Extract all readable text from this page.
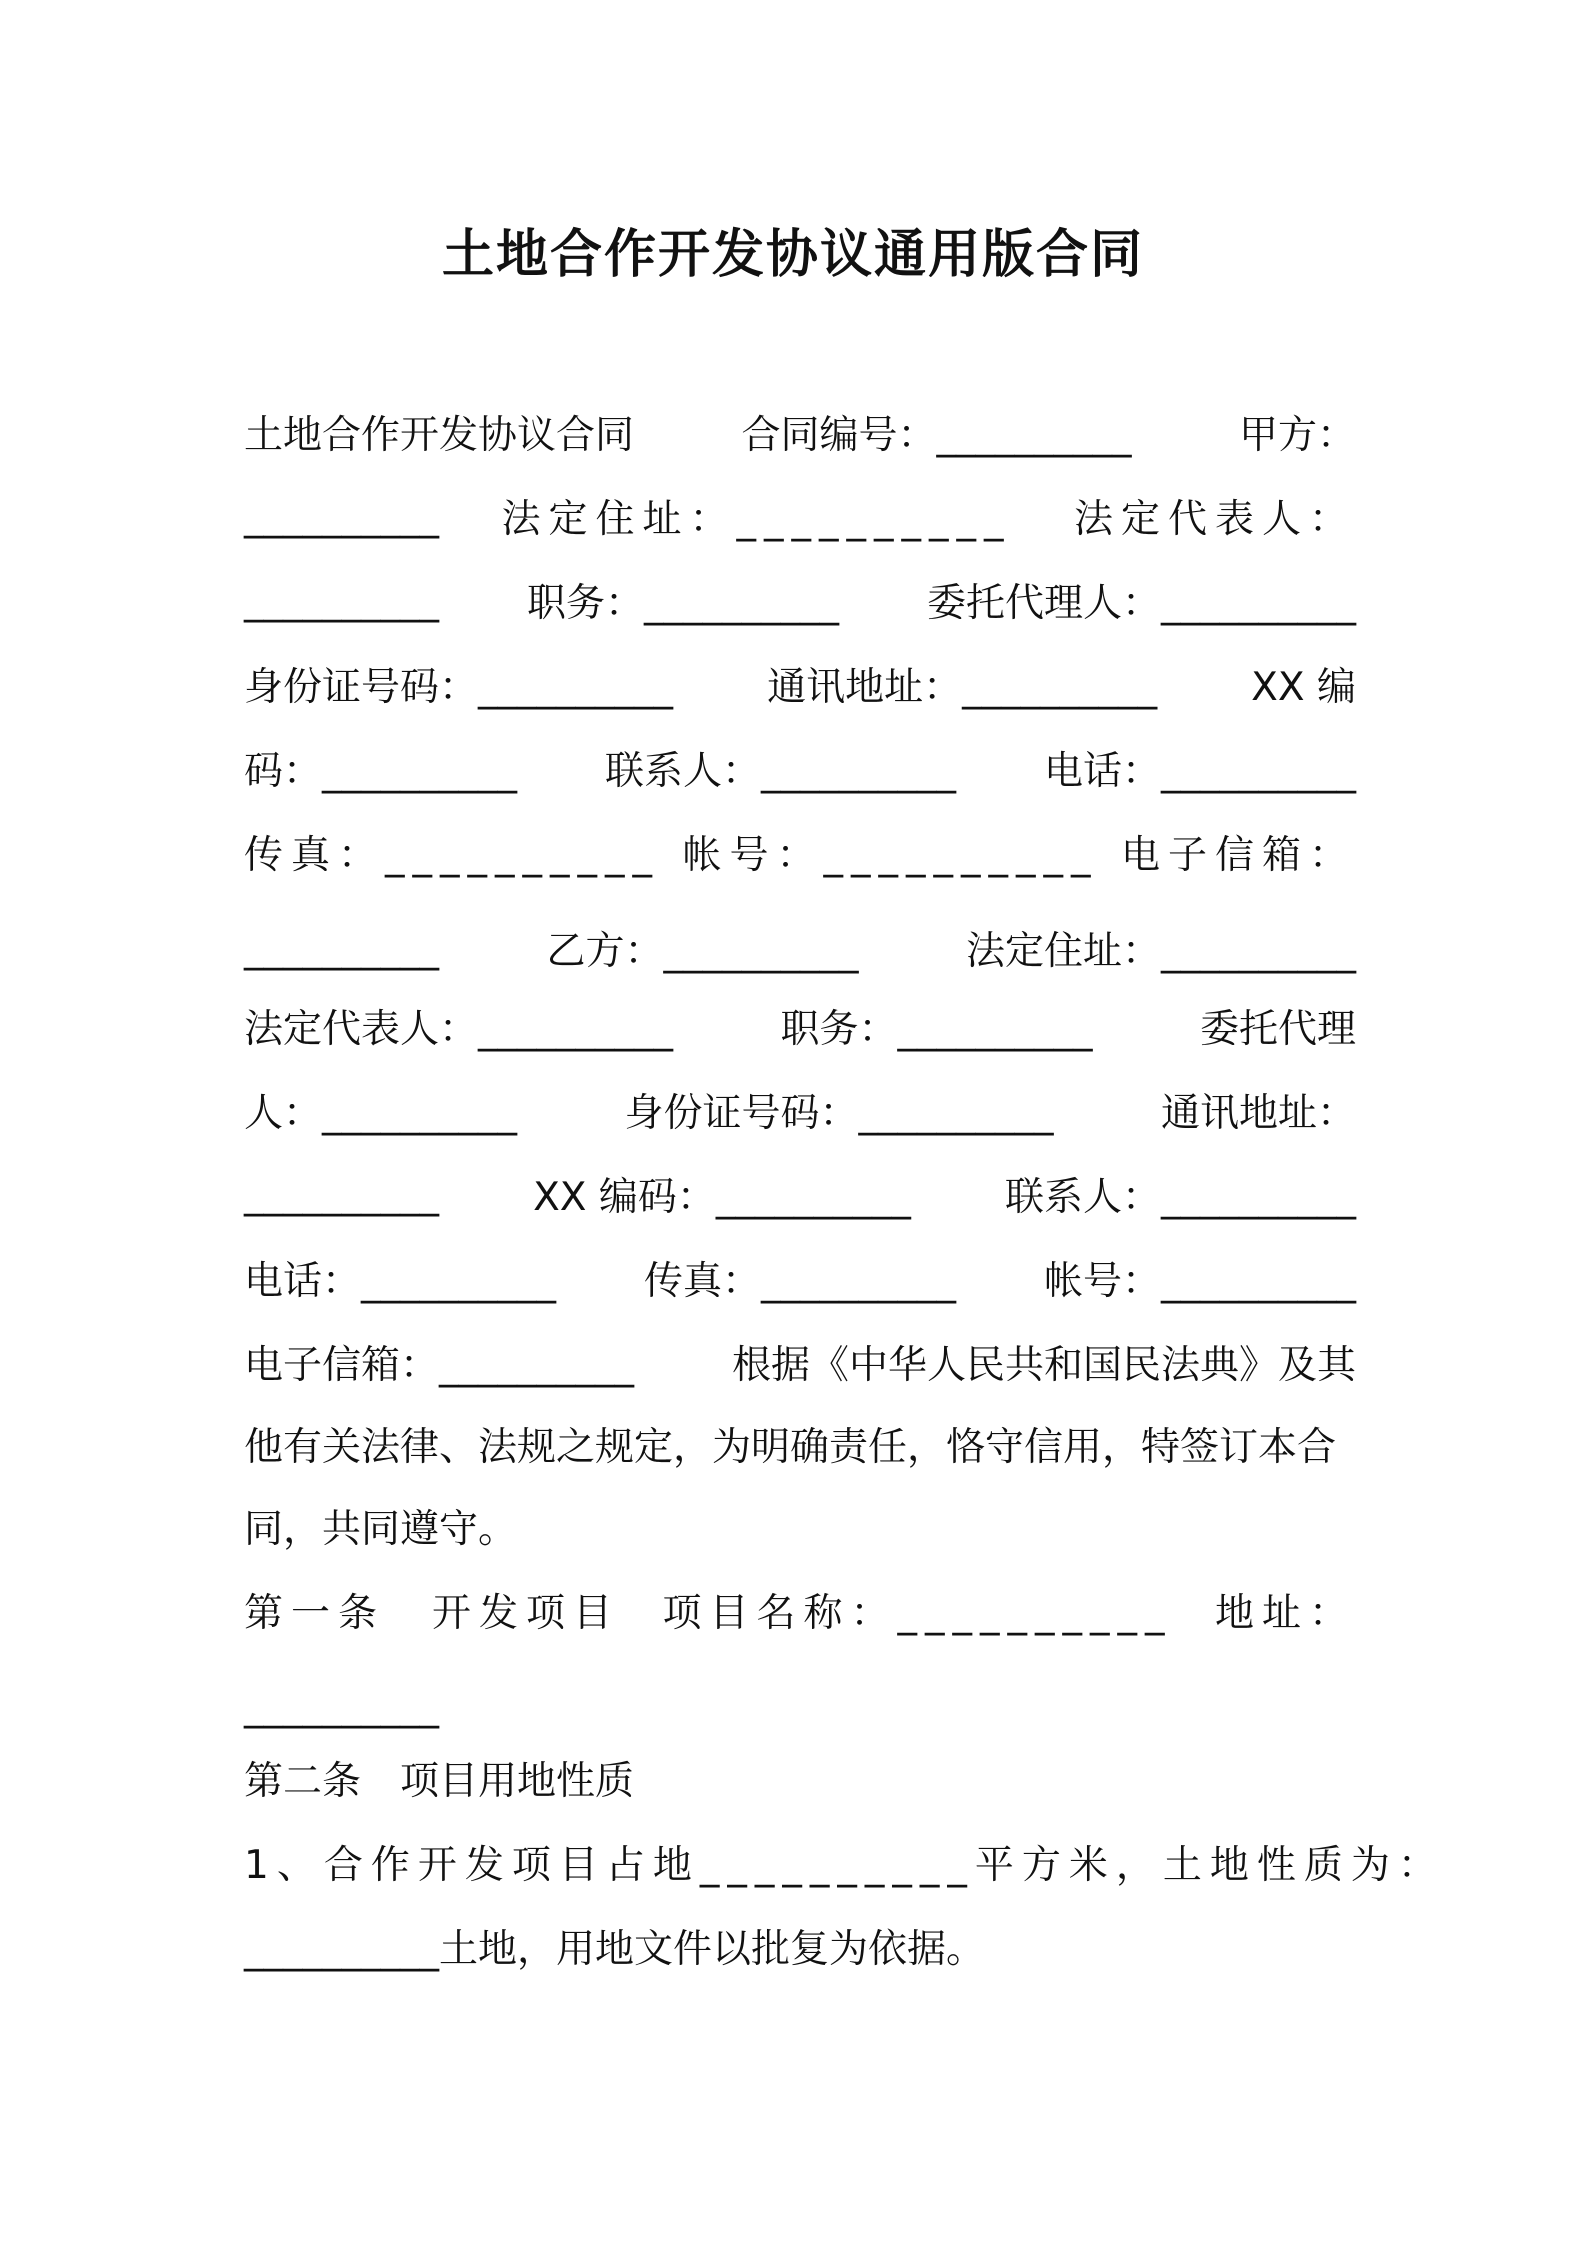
土地合作开发协议通用版合同
土地合作开发协议合同	合同编号：__________	甲方：
__________ 法定住址：__________ 法定代表人：
__________ 职务：__________ 委托代理人：__________
身份证号码：__________ 通讯地址：__________ XX 编
码：__________ 联系人：__________ 电话：__________
传真：__________ 帐号：__________ 电子信箱：
__________	乙方：__________	法定住址：__________
法定代表人：__________	职务：__________	委托代理
人：__________	身份证号码：__________	通讯地址：
__________ XX 编码：__________ 联系人：__________
电话：__________ 传真：__________ 帐号：__________
电子信箱：__________	根据《中华人民共和国民法典》及其
他有关法律、法规之规定，为明确责任，恪守信用，特签订本合
同，共同遵守。
第一条　开发项目 项目名称：__________ 地址：
__________
第二条　项目用地性质
1、合作开发项目占地__________平方米，土地性质为：
__________土地，用地文件以批复为依据。
